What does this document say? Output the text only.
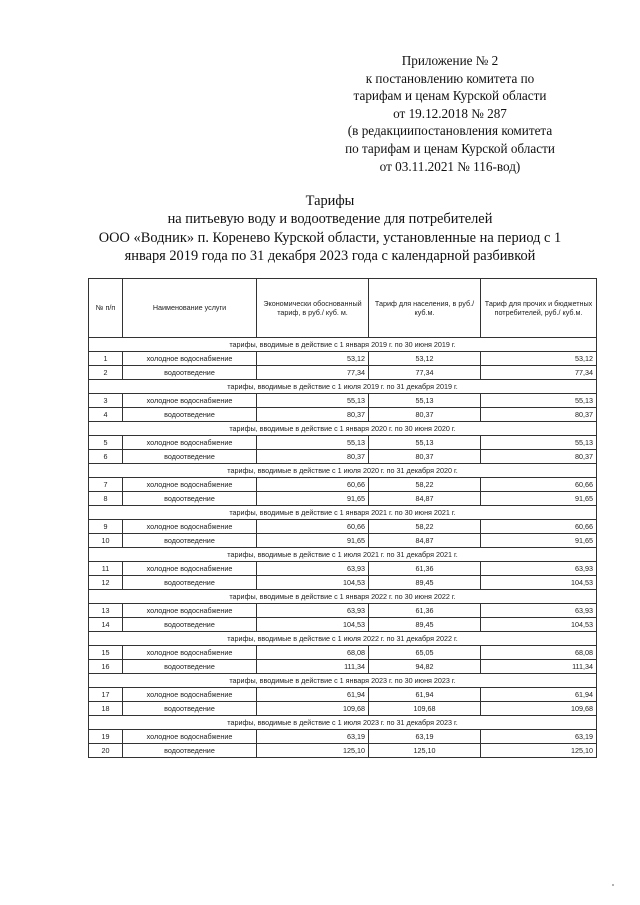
Приложение № 2
к постановлению комитета по
тарифам и ценам Курской области
от 19.12.2018 № 287
(в редакциипостановления комитета
по тарифам и ценам Курской области
от 03.11.2021 № 116-вод)
Тарифы
на питьевую воду и водоотведение для потребителей
ООО «Водник» п. Коренево Курской области, установленные на период с 1
января 2019 года по 31 декабря 2023 года с календарной разбивкой
№ п/п	Наименование услуги	Экономически обоснованный тариф, в руб./ куб. м.	Тариф для населения, в руб./ куб.м.	Тариф для прочих и бюджетных потребителей, руб./ куб.м.
тарифы, вводимые в действие с 1 января 2019 г. по 30 июня 2019 г.				
1	холодное водоснабжение	53,12	53,12	53,12
2	водоотведение	77,34	77,34	77,34
тарифы, вводимые в действие с 1 июля 2019 г. по 31 декабря 2019 г.				
3	холодное водоснабжение	55,13	55,13	55,13
4	водоотведение	80,37	80,37	80,37
тарифы, вводимые в действие с 1 января 2020 г. по 30 июня 2020 г.				
5	холодное водоснабжение	55,13	55,13	55,13
6	водоотведение	80,37	80,37	80,37
тарифы, вводимые в действие с 1 июля 2020 г. по 31 декабря 2020 г.				
7	холодное водоснабжение	60,66	58,22	60,66
8	водоотведение	91,65	84,87	91,65
тарифы, вводимые в действие с 1 января 2021 г. по 30 июня 2021 г.				
9	холодное водоснабжение	60,66	58,22	60,66
10	водоотведение	91,65	84,87	91,65
тарифы, вводимые в действие с 1 июля 2021 г. по 31 декабря 2021 г.				
11	холодное водоснабжение	63,93	61,36	63,93
12	водоотведение	104,53	89,45	104,53
тарифы, вводимые в действие с 1 января 2022 г. по 30 июня 2022 г.				
13	холодное водоснабжение	63,93	61,36	63,93
14	водоотведение	104,53	89,45	104,53
тарифы, вводимые в действие с 1 июля 2022 г. по 31 декабря 2022 г.				
15	холодное водоснабжение	68,08	65,05	68,08
16	водоотведение	111,34	94,82	111,34
тарифы, вводимые в действие с 1 января 2023 г. по 30 июня 2023 г.				
17	холодное водоснабжение	61,94	61,94	61,94
18	водоотведение	109,68	109,68	109,68
тарифы, вводимые в действие с 1 июля 2023 г. по 31 декабря 2023 г.				
19	холодное водоснабжение	63,19	63,19	63,19
20	водоотведение	125,10	125,10	125,10
